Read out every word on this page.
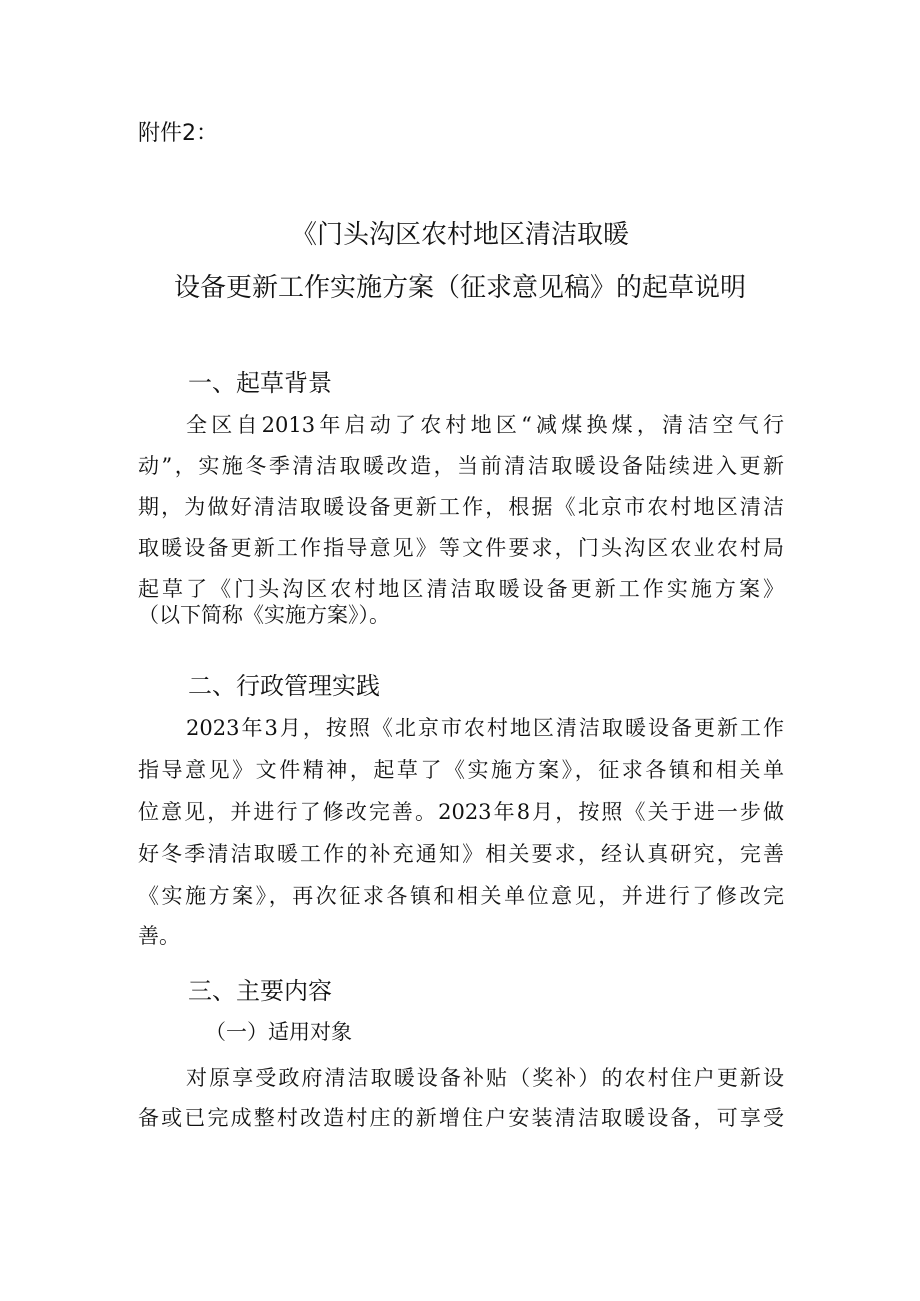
附件2：
《门头沟区农村地区清洁取暖
设备更新工作实施方案（征求意见稿》的起草说明
一、起草背景
全区自2013年启动了农村地区“减煤换煤，清洁空气行
动”，实施冬季清洁取暖改造，当前清洁取暖设备陆续进入更新
期，为做好清洁取暖设备更新工作，根据《北京市农村地区清洁
取暖设备更新工作指导意见》等文件要求，门头沟区农业农村局
起草了《门头沟区农村地区清洁取暖设备更新工作实施方案》
（以下简称《实施方案》）。
二、行政管理实践
2023年3月，按照《北京市农村地区清洁取暖设备更新工作
指导意见》文件精神，起草了《实施方案》，征求各镇和相关单
位意见，并进行了修改完善。2023年8月，按照《关于进一步做
好冬季清洁取暖工作的补充通知》相关要求，经认真研究，完善
《实施方案》，再次征求各镇和相关单位意见，并进行了修改完
善。
三、主要内容
（一）适用对象
对原享受政府清洁取暖设备补贴（奖补）的农村住户更新设
备或已完成整村改造村庄的新增住户安装清洁取暖设备，可享受
